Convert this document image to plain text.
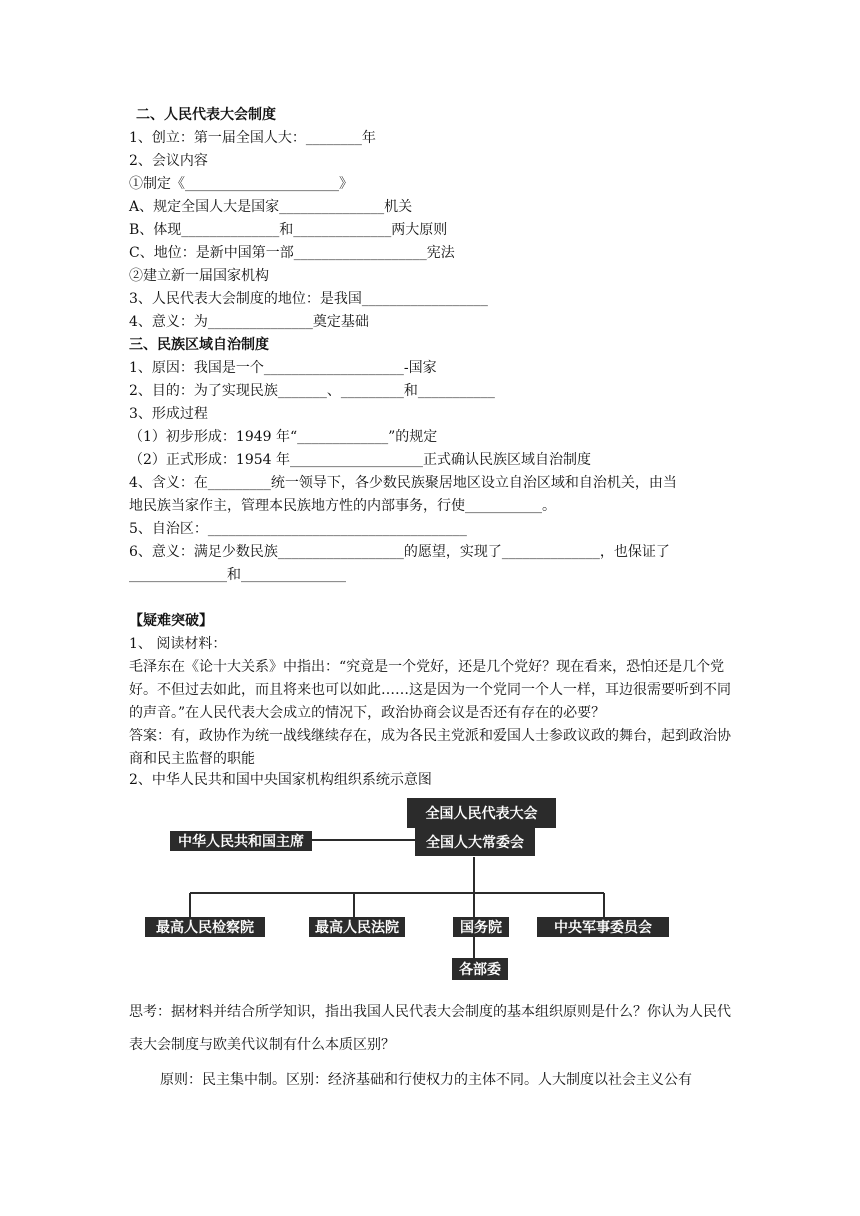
二、人民代表大会制度
1、创立：第一届全国人大：________年
2、会议内容
①制定《______________________》
A、规定全国人大是国家_______________机关
B、体现______________和______________两大原则
C、地位：是新中国第一部___________________宪法
②建立新一届国家机构
3、人民代表大会制度的地位：是我国__________________
4、意义：为_______________奠定基础
三、民族区域自治制度
1、原因：我国是一个____________________-国家
2、目的：为了实现民族_______、_________和___________
3、形成过程
（1）初步形成：1949 年“_____________”的规定
（2）正式形成：1954 年___________________正式确认民族区域自治制度
4、含义：在_________统一领导下，各少数民族聚居地区设立自治区域和自治机关，由当
地民族当家作主，管理本民族地方性的内部事务，行使___________。
5、自治区：_____________________________________
6、意义：满足少数民族__________________的愿望，实现了______________，也保证了
______________和_______________
【疑难突破】
1、 阅读材料：
毛泽东在《论十大关系》中指出：“究竟是一个党好，还是几个党好？现在看来，恐怕还是几个党好。不但过去如此，而且将来也可以如此……这是因为一个党同一个人一样，耳边很需要听到不同的声音。”在人民代表大会成立的情况下，政治协商会议是否还有存在的必要？
答案：有，政协作为统一战线继续存在，成为各民主党派和爱国人士参政议政的舞台，起到政治协商和民主监督的职能
2、中华人民共和国中央国家机构组织系统示意图
全国人民代表大会
全国人大常委会
中华人民共和国主席
最高人民检察院	最高人民法院	国务院	中央军事委员会
各部委
思考：据材料并结合所学知识，指出我国人民代表大会制度的基本组织原则是什么？你认为人民代表大会制度与欧美代议制有什么本质区别？
原则：民主集中制。区别：经济基础和行使权力的主体不同。人大制度以社会主义公有
